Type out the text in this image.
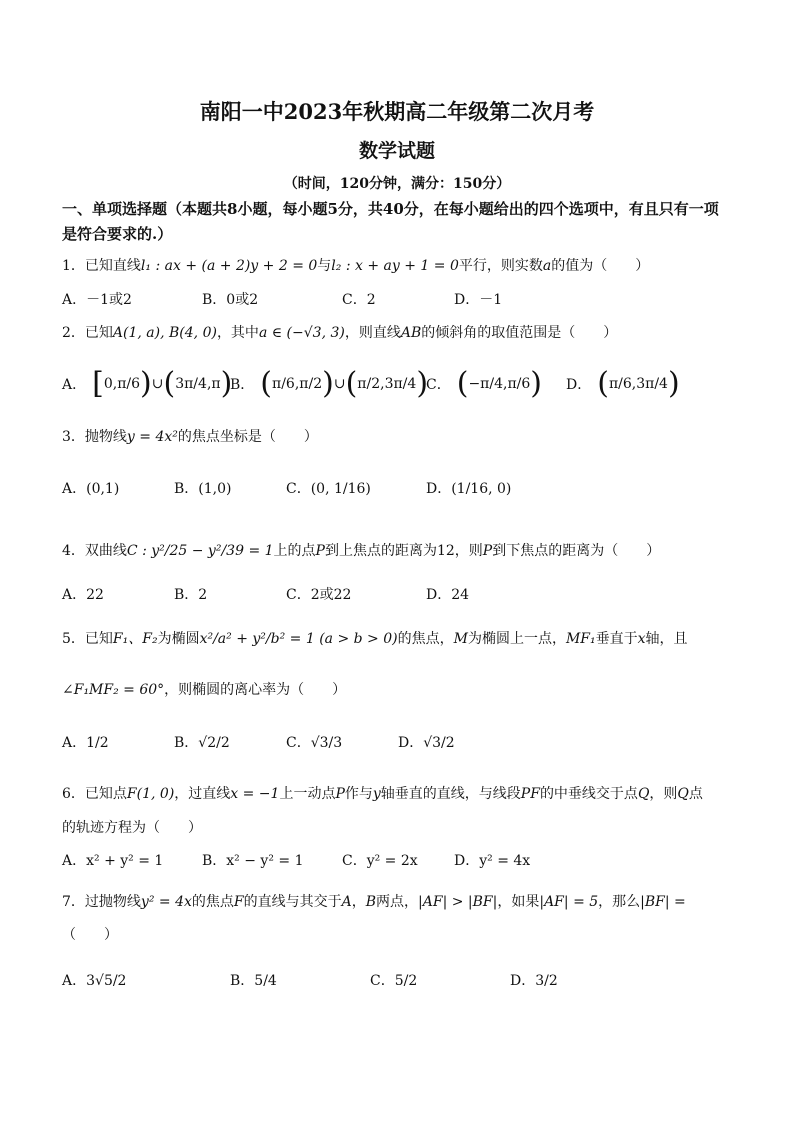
南阳一中2023年秋期高二年级第二次月考
数学试题
（时间，120分钟，满分：150分）
一、单项选择题（本题共8小题，每小题5分，共40分，在每小题给出的四个选项中，有且只有一项是符合要求的.）
1．已知直线l₁ : ax + (a + 2)y + 2 = 0与l₂ : x + ay + 1 = 0平行，则实数a的值为（　　）
A．－1或2	B．0或2	C．2	D．－1
2．已知A(1, a), B(4, 0)，其中a ∈ (−√3, 3)，则直线AB的倾斜角的取值范围是（　　）
A． [ 0, π/6 ) ∪ ( 3π/4 ,π )
B． ( π/6 , π/2 ) ∪ ( π/2 , 3π/4 )
C． ( −π/4 , π/6 ) D． ( π/6 , 3π/4 )
3．抛物线y = 4x²的焦点坐标是（　　）
A．(0,1)	B．(1,0)	C．(0, 1/16)	D．(1/16, 0)
4．双曲线C : y²/25 − y²/39 = 1上的点P到上焦点的距离为12，则P到下焦点的距离为（　　）
A．22	B．2	C．2或22	D．24
5．已知F₁、F₂为椭圆x²/a² + y²/b² = 1 (a > b > 0)的焦点，M为椭圆上一点，MF₁垂直于x轴，且
∠F₁MF₂ = 60°，则椭圆的离心率为（　　）
A．1/2	B．√2/2	C．√3/3	D．√3/2
6．已知点F(1, 0)，过直线x = −1上一动点P作与y轴垂直的直线，与线段PF的中垂线交于点Q，则Q点
的轨迹方程为（　　）
A．x² + y² = 1	B．x² − y² = 1	C．y² = 2x	D．y² = 4x
7．过抛物线y² = 4x的焦点F的直线与其交于A，B两点，|AF| > |BF|，如果|AF| = 5，那么|BF| =
（　　）
A．3√5/2	B．5/4	C．5/2	D．3/2
